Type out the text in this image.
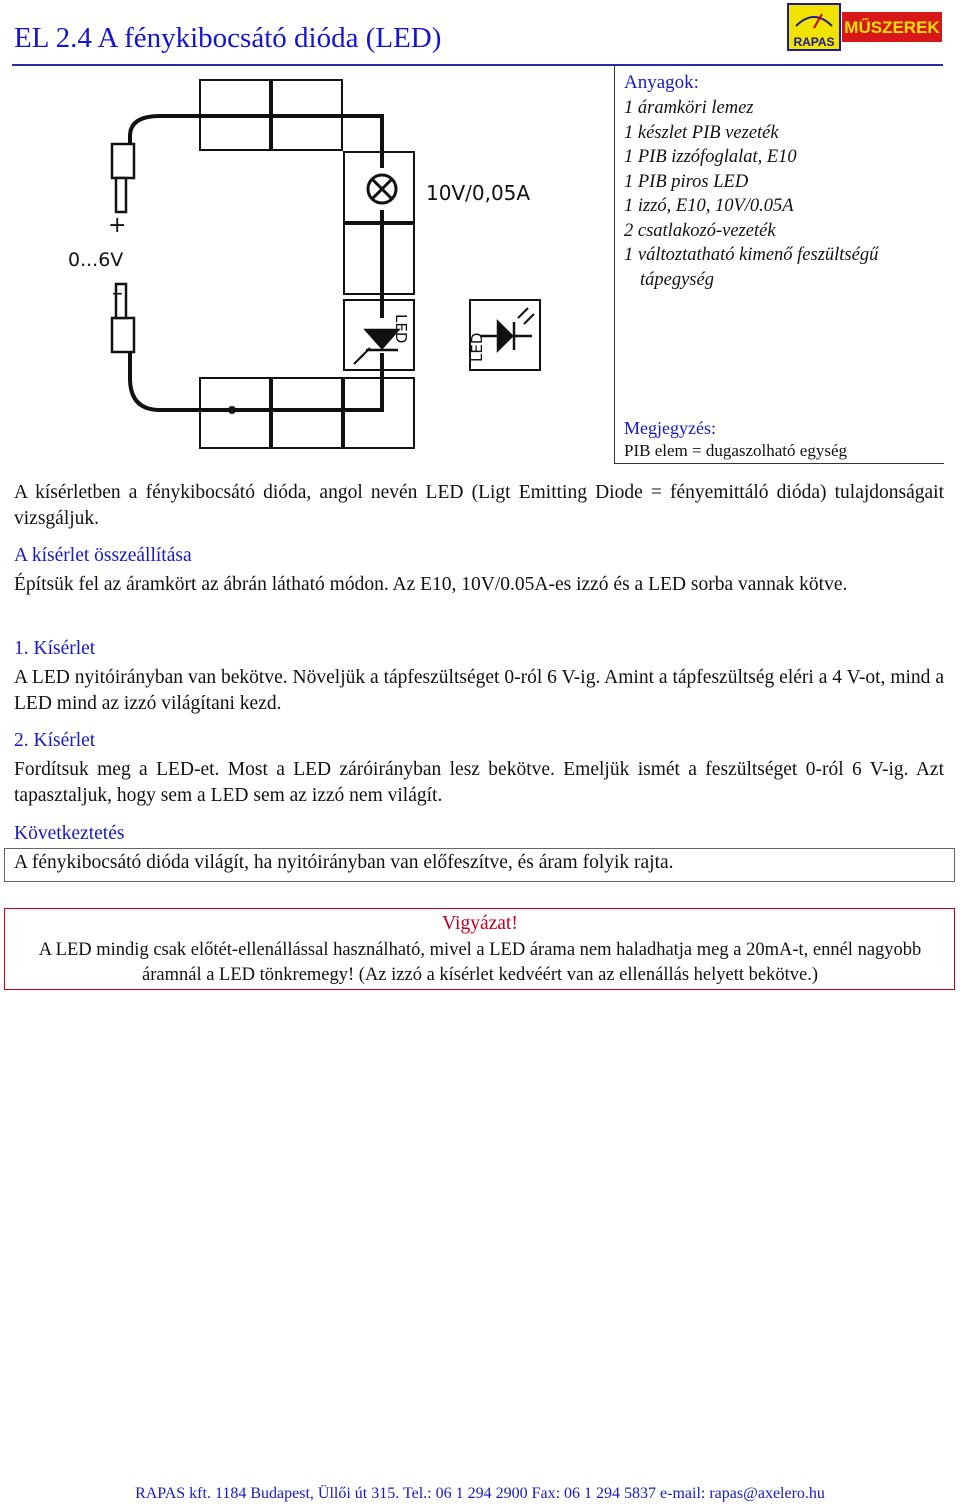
EL 2.4 A fénykibocsátó dióda (LED)	RAPAS
MŰSZEREK
10V/0,05A
+
0...6V
–
LED
LED
Anyagok:
1 áramköri lemez
1 készlet PIB vezeték
1 PIB izzófoglalat, E10
1 PIB piros LED
1 izzó, E10, 10V/0.05A
2 csatlakozó-vezeték
1 változtatható kimenő feszültségű
tápegység
Megjegyzés:
PIB elem = dugaszolható egység

A kísérletben a fénykibocsátó dióda, angol nevén LED (Ligt Emitting Diode = fényemittáló dióda) tulajdonságait vizsgáljuk.

A kísérlet összeállítása

Építsük fel az áramkört az ábrán látható módon. Az E10, 10V/0.05A-es izzó és a LED sorba vannak kötve.

1. Kísérlet

A LED nyitóirányban van bekötve. Növeljük a tápfeszültséget 0-ról 6 V-ig. Amint a tápfeszültség eléri a 4 V-ot, mind a LED mind az izzó világítani kezd.

2. Kísérlet

Fordítsuk meg a LED-et. Most a LED záróirányban lesz bekötve. Emeljük ismét a feszültséget 0-ról 6 V-ig. Azt tapasztaljuk, hogy sem a LED sem az izzó nem világít.

Következtetés
A fénykibocsátó dióda világít, ha nyitóirányban van előfeszítve, és áram folyik rajta.
Vigyázat!

A LED mindig csak előtét-ellenállással használható, mivel a LED árama nem haladhatja meg a 20mA-t, ennél nagyobb áramnál a LED tönkremegy! (Az izzó a kísérlet kedvéért van az ellenállás helyett bekötve.)

RAPAS kft. 1184 Budapest, Üllői út 315. Tel.: 06 1 294 2900 Fax: 06 1 294 5837 e-mail: rapas@axelero.hu
